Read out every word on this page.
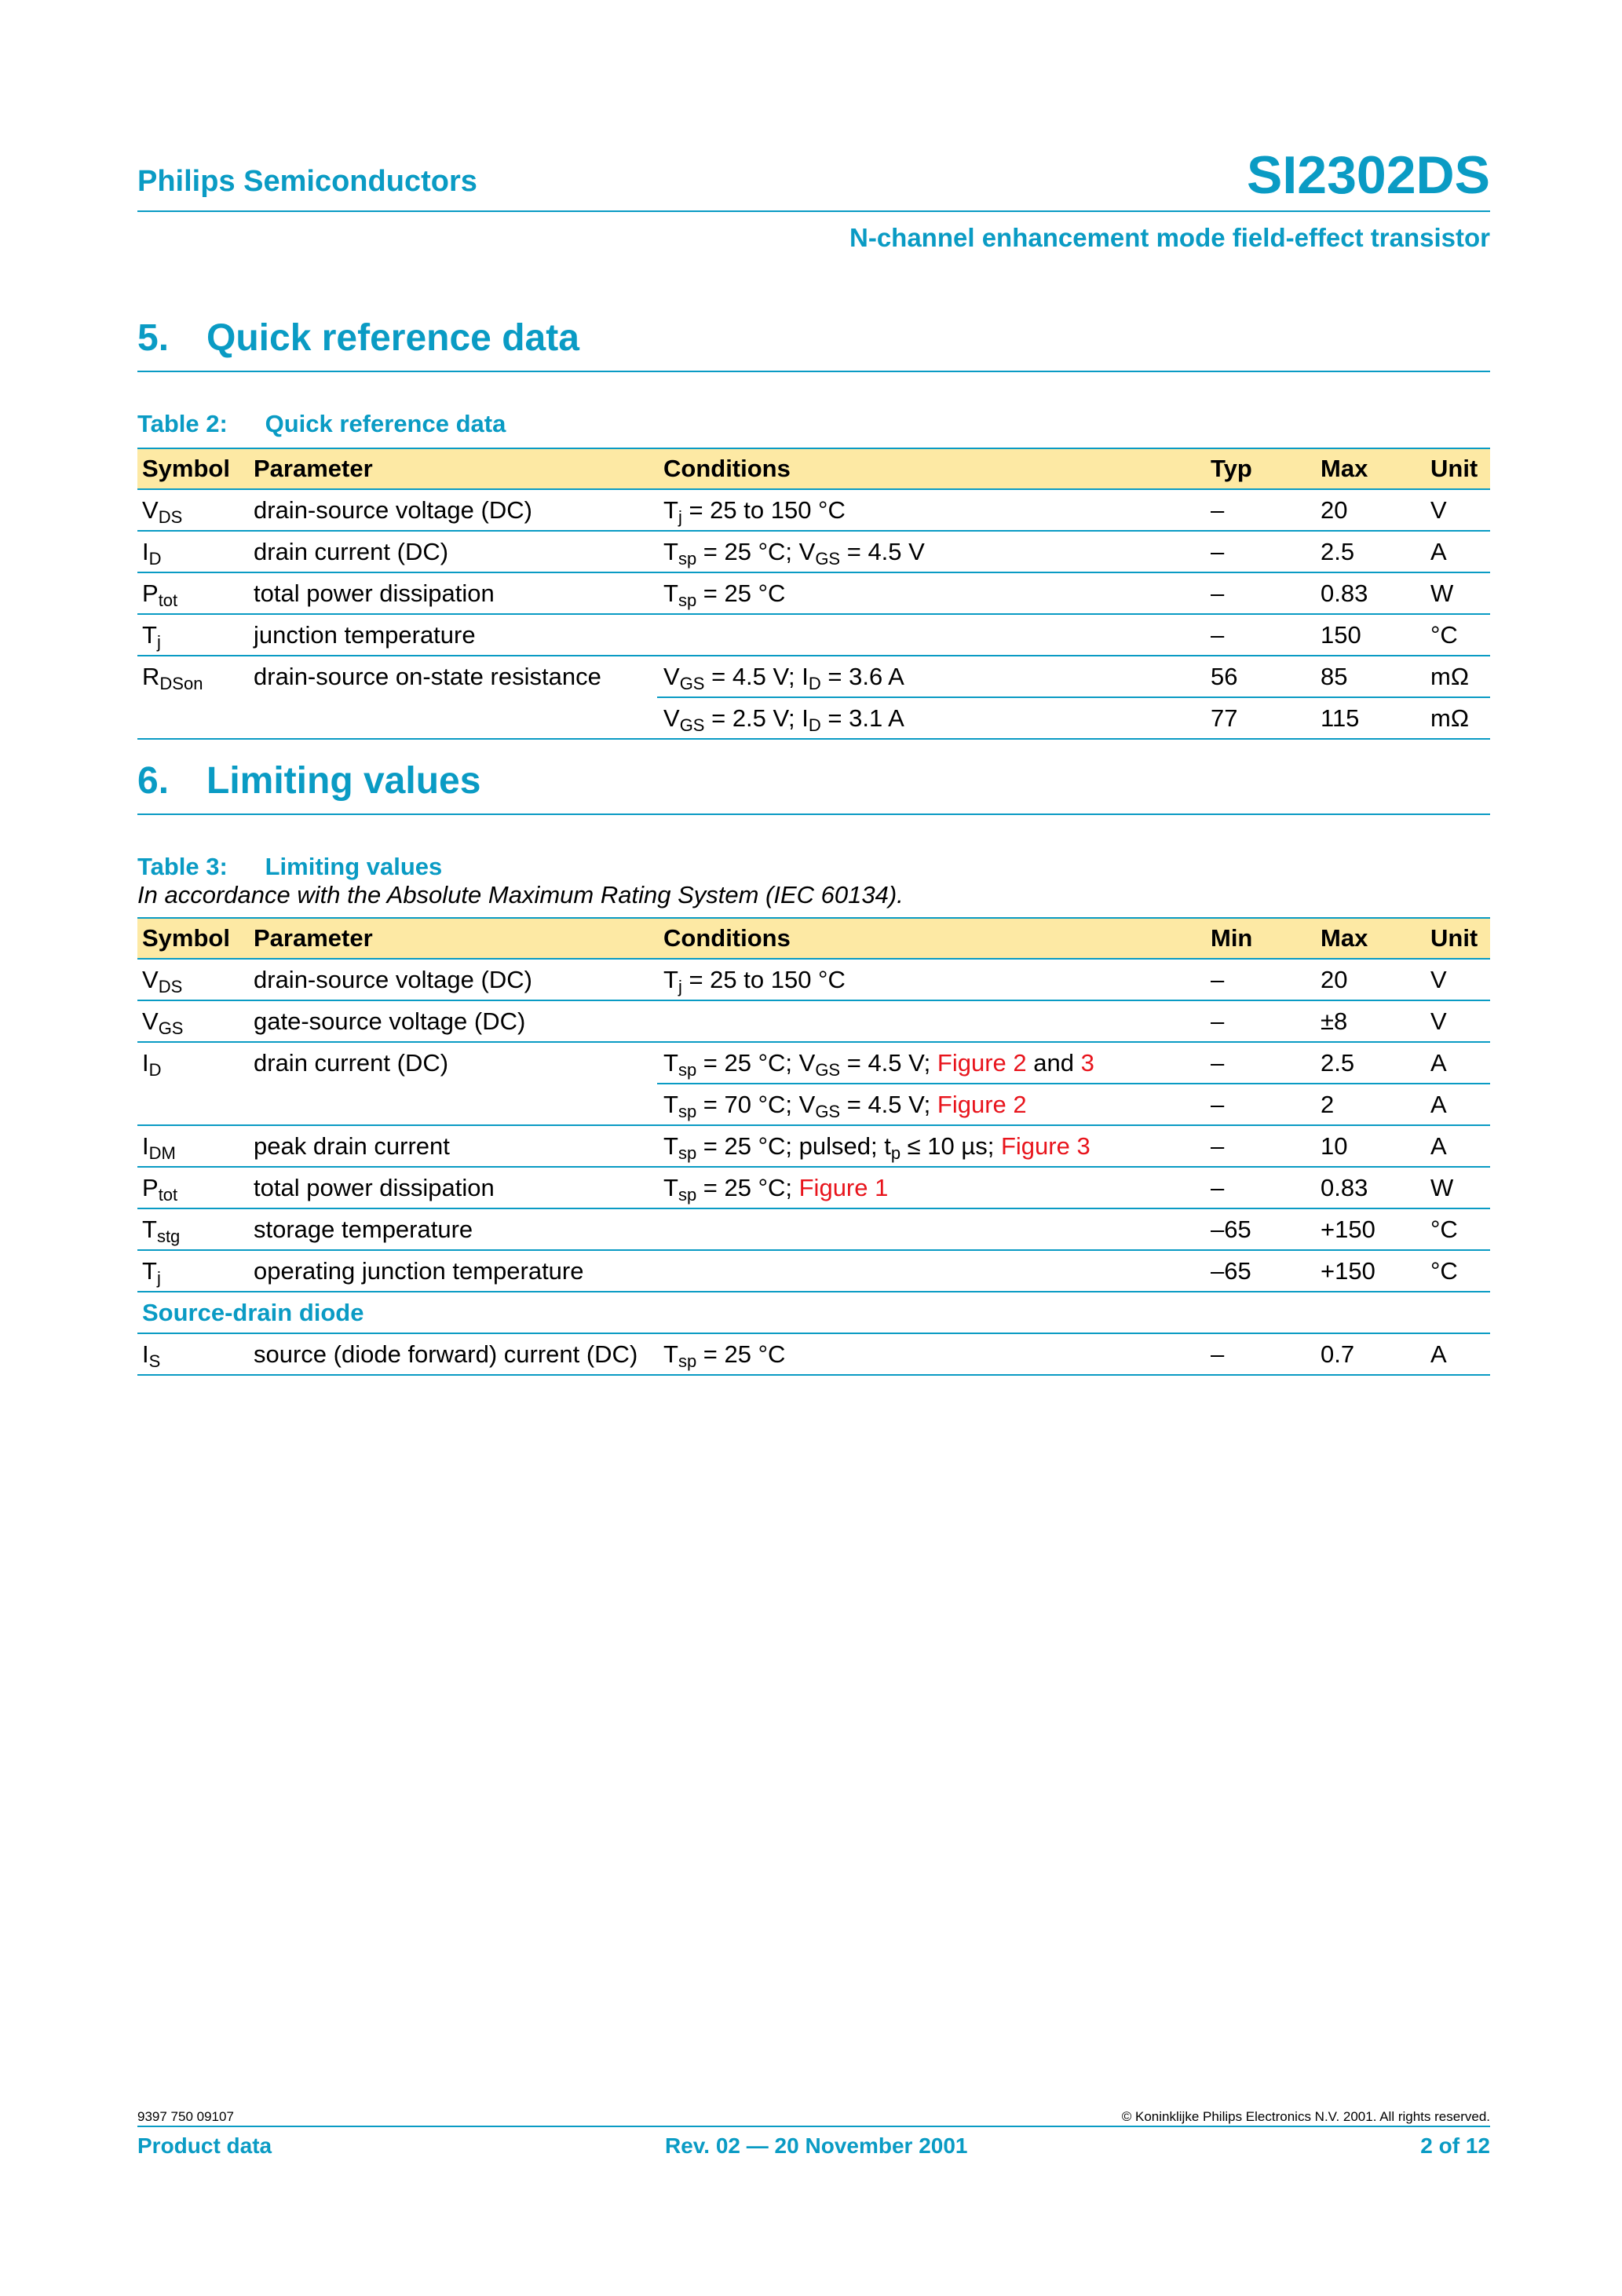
Philips Semiconductors	SI2302DS
N-channel enhancement mode field-effect transistor
5. Quick reference data
Table 2: Quick reference data
Symbol	Parameter	Conditions	Typ	Max	Unit
$V_{DS}$	drain-source voltage (DC)	$T_j = 25$ to 150 °C	–	20	V
$I_D$	drain current (DC)	$T_{sp} = 25$ °C; $V_{GS} = 4.5$ V	–	2.5	A
$P_{tot}$	total power dissipation	$T_{sp} = 25$ °C	–	0.83	W
$T_j$	junction temperature		–	150	°C
$R_{DSon}$	drain-source on-state resistance	$V_{GS} = 4.5$ V; $I_D = 3.6$ A	56	85	mΩ
		$V_{GS} = 2.5$ V; $I_D = 3.1$ A	77	115	mΩ
6. Limiting values
Table 3: Limiting values
In accordance with the Absolute Maximum Rating System (IEC 60134).
Symbol	Parameter	Conditions	Min	Max	Unit
$V_{DS}$	drain-source voltage (DC)	$T_j = 25$ to 150 °C	–	20	V
$V_{GS}$	gate-source voltage (DC)		–	±8	V
$I_D$	drain current (DC)	$T_{sp} = 25$ °C; $V_{GS} = 4.5$ V; Figure 2 and 3	–	2.5	A
		$T_{sp} = 70$ °C; $V_{GS} = 4.5$ V; Figure 2	–	2	A
$I_{DM}$	peak drain current	$T_{sp} = 25$ °C; pulsed; $t_p \le 10$ µs; Figure 3	–	10	A
$P_{tot}$	total power dissipation	$T_{sp} = 25$ °C; Figure 1	–	0.83	W
$T_{stg}$	storage temperature		–65	+150	°C
$T_j$	operating junction temperature		–65	+150	°C
Source-drain diode					
$I_S$	source (diode forward) current (DC)	$T_{sp} = 25$ °C	–	0.7	A
9397 750 09107	© Koninklijke Philips Electronics N.V. 2001. All rights reserved.
Product data	Rev. 02 — 20 November 2001	2 of 12
